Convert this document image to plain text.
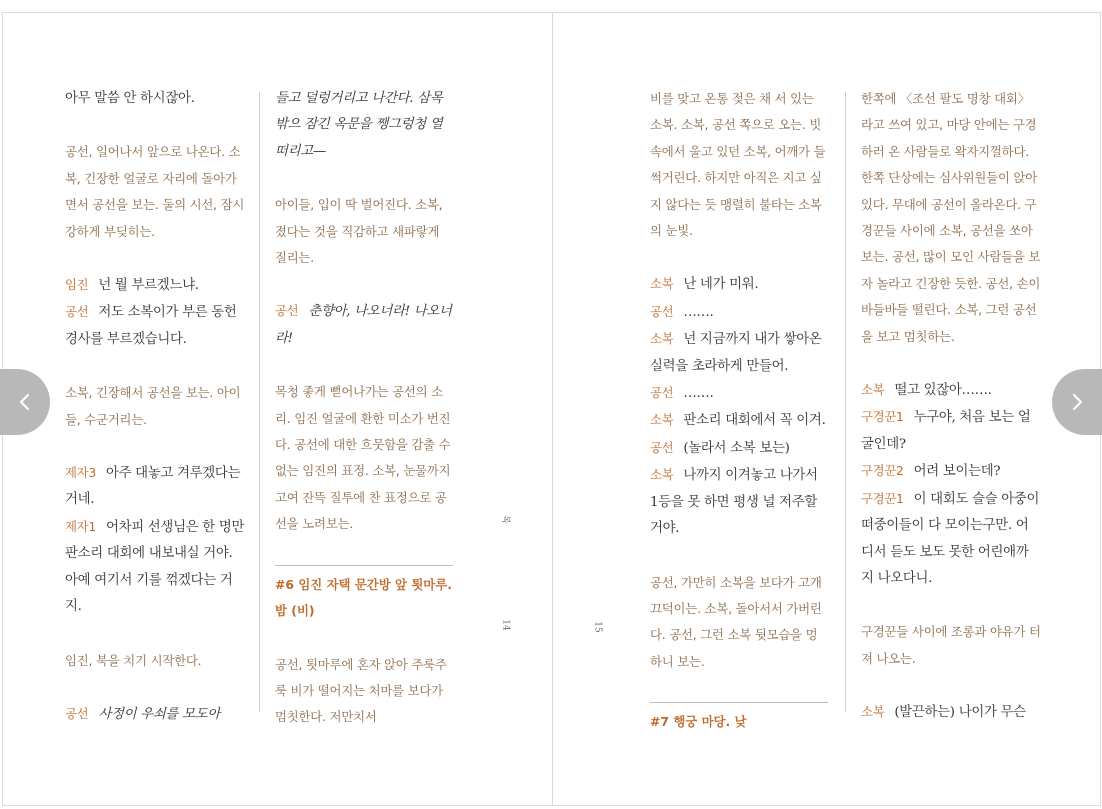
아무 말씀 안 하시잖아.

공선, 일어나서 앞으로 나온다. 소복, 긴장한 얼굴로 자리에 돌아가면서 공선을 보는. 둘의 시선, 잠시 강하게 부딪히는.

임진 넌 뭘 부르겠느냐.
공선 저도 소복이가 부른 동헌경사를 부르겠습니다.

소복, 긴장해서 공선을 보는. 아이들, 수군거리는.

제자3 아주 대놓고 겨루겠다는 거네.
제자1 어차피 선생님은 한 명만 판소리 대회에 내보내실 거야. 아예 여기서 기를 꺾겠다는 거지.

임진, 북을 치기 시작한다.

공선 사정이 우쇠를 모도아

들고 덜렁거리고 나간다. 삼목 밖으 잠긴 옥문을 쨍그렁청 열떠리고—

아이들, 입이 딱 벌어진다. 소복, 졌다는 것을 직감하고 새파랗게 질리는.

공선 춘향아, 나오너라! 나오너라!

목청 좋게 뻗어나가는 공선의 소리. 임진 얼굴에 환한 미소가 번진다. 공선에 대한 흐뭇함을 감출 수 없는 임진의 표정. 소복, 눈물까지 고여 잔뜩 질투에 찬 표정으로 공선을 노려보는.

#6 임진 자택 문간방 앞 툇마루. 밤 (비)

공선, 툇마루에 혼자 앉아 주룩주룩 비가 떨어지는 처마를 보다가 멈칫한다. 저만치서

복
14	15

비를 맞고 온통 젖은 채 서 있는 소복. 소복, 공선 쪽으로 오는. 빗속에서 울고 있던 소복, 어깨가 들썩거린다. 하지만 아직은 지고 싶지 않다는 듯 맹렬히 불타는 소복의 눈빛.

소복 난 네가 미워.
공선 …….
소복 넌 지금까지 내가 쌓아온 실력을 초라하게 만들어.
공선 …….
소복 판소리 대회에서 꼭 이겨.
공선 (놀라서 소복 보는)
소복 나까지 이겨놓고 나가서 1등을 못 하면 평생 널 저주할 거야.

공선, 가만히 소복을 보다가 고개 끄덕이는. 소복, 돌아서서 가버린다. 공선, 그런 소복 뒷모습을 멍하니 보는.

#7 행궁 마당. 낮

한쪽에 〈조선 팔도 명창 대회〉라고 쓰여 있고, 마당 안에는 구경하러 온 사람들로 왁자지껄하다. 한쪽 단상에는 심사위원들이 앉아 있다. 무대에 공선이 올라온다. 구경꾼들 사이에 소복, 공선을 쏘아보는. 공선, 많이 모인 사람들을 보자 놀라고 긴장한 듯한. 공선, 손이 바들바들 떨린다. 소복, 그런 공선을 보고 멈칫하는.

소복 떨고 있잖아…….
구경꾼1 누구야, 처음 보는 얼굴인데?
구경꾼2 어려 보이는데?
구경꾼1 이 대회도 슬슬 아중이떠중이들이 다 모이는구만. 어디서 듣도 보도 못한 어린애까지 나오다니.

구경꾼들 사이에 조롱과 야유가 터져 나오는.

소복 (발끈하는) 나이가 무슨
